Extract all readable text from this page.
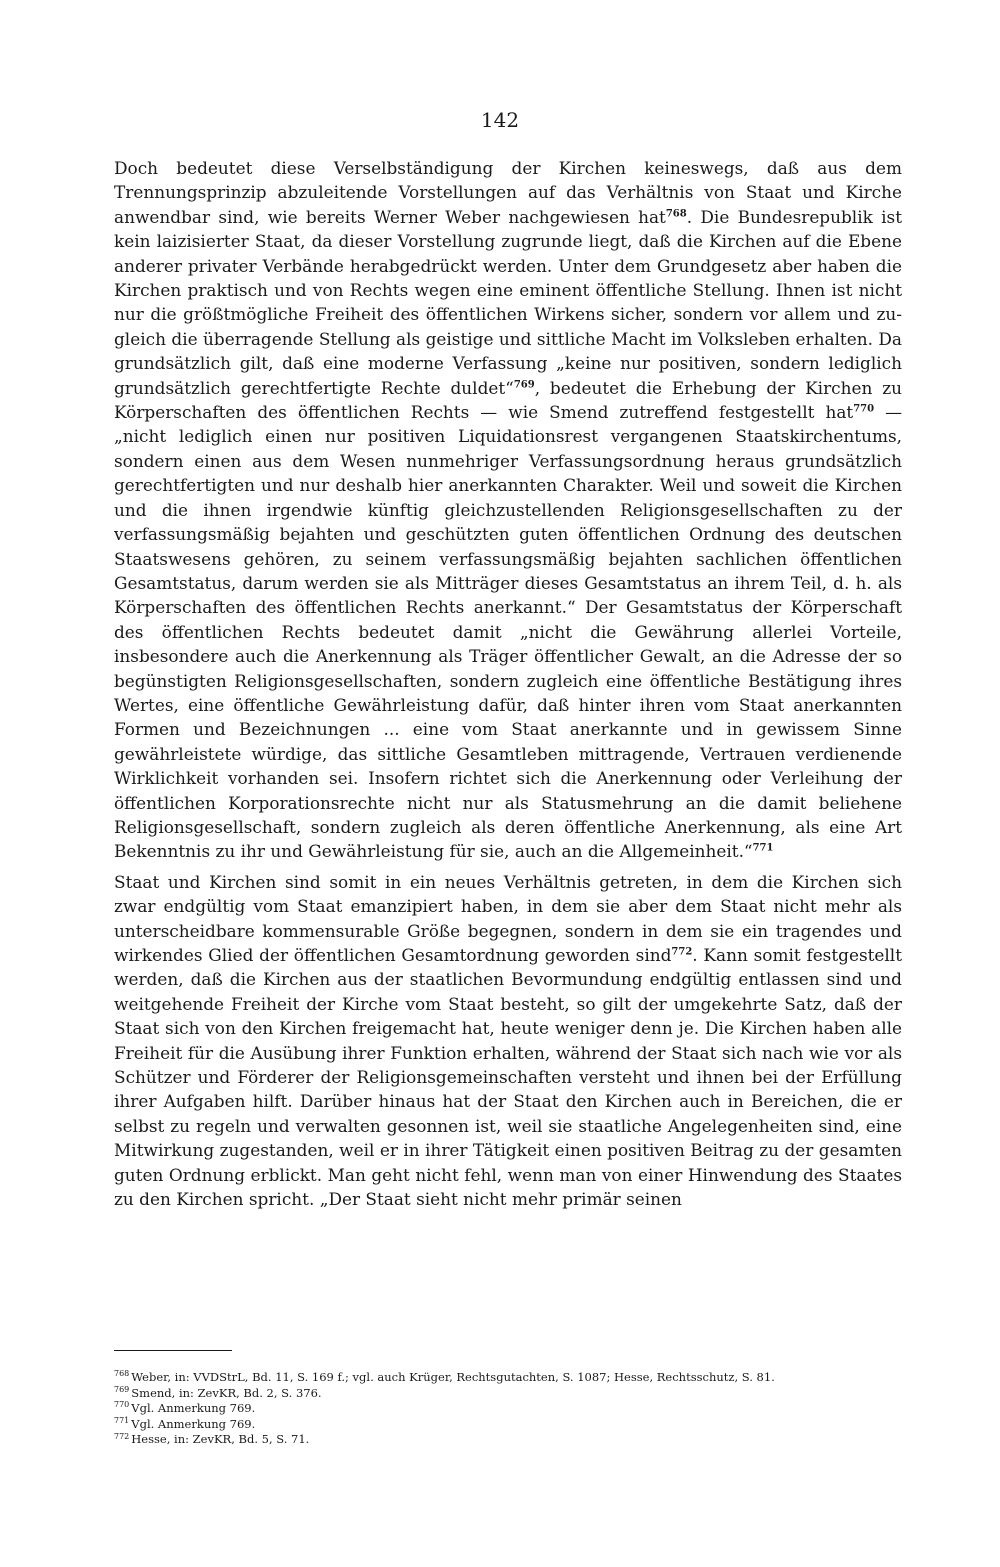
142

Doch bedeutet diese Verselbständigung der Kirchen keineswegs, daß aus dem Trennungsprinzip abzuleitende Vorstellungen auf das Verhältnis von Staat und Kirche anwendbar sind, wie bereits Werner Weber nachgewiesen hat$^{768}$. Die Bundesrepublik ist kein laizisierter Staat, da dieser Vorstellung zugrunde liegt, daß die Kirchen auf die Ebene anderer privater Verbände herabgedrückt werden. Unter dem Grundgesetz aber haben die Kirchen praktisch und von Rechts wegen eine eminent öffentliche Stellung. Ihnen ist nicht nur die größtmögliche Freiheit des öffentlichen Wirkens sicher, sondern vor allem und zugleich die überragende Stellung als geistige und sittliche Macht im Volksleben erhalten. Da grundsätzlich gilt, daß eine moderne Verfassung „keine nur positiven, sondern lediglich grundsätzlich gerechtfertigte Rechte duldet“$^{769}$, bedeutet die Erhebung der Kirchen zu Körperschaften des öffentlichen Rechts — wie Smend zutreffend festgestellt hat$^{770}$ — „nicht lediglich einen nur positiven Liquidationsrest vergangenen Staatskirchentums, sondern einen aus dem Wesen nunmehriger Verfassungsordnung heraus grundsätzlich gerechtfertigten und nur deshalb hier anerkannten Charakter. Weil und soweit die Kirchen und die ihnen irgendwie künftig gleichzustellenden Religionsgesellschaften zu der verfassungsmäßig bejahten und geschützten guten öffentlichen Ordnung des deutschen Staatswesens gehören, zu seinem verfassungsmäßig bejahten sachlichen öffentlichen Gesamtstatus, darum werden sie als Mitträger dieses Gesamtstatus an ihrem Teil, d. h. als Körperschaften des öffentlichen Rechts anerkannt.“ Der Gesamtstatus der Körperschaft des öffentlichen Rechts bedeutet damit „nicht die Gewährung allerlei Vorteile, insbesondere auch die Anerkennung als Träger öffentlicher Gewalt, an die Adresse der so begünstigten Religionsgesellschaften, sondern zugleich eine öffentliche Bestätigung ihres Wertes, eine öffentliche Gewährleistung dafür, daß hinter ihren vom Staat anerkannten Formen und Bezeichnungen ... eine vom Staat anerkannte und in gewissem Sinne gewährleistete würdige, das sittliche Gesamtleben mittragende, Vertrauen verdienende Wirklichkeit vorhanden sei. Insofern richtet sich die Anerkennung oder Verleihung der öffentlichen Korporationsrechte nicht nur als Statusmehrung an die damit beliehene Religionsgesellschaft, sondern zugleich als deren öffentliche Anerkennung, als eine Art Bekenntnis zu ihr und Gewährleistung für sie, auch an die Allgemeinheit.“$^{771}$

Staat und Kirchen sind somit in ein neues Verhältnis getreten, in dem die Kirchen sich zwar endgültig vom Staat emanzipiert haben, in dem sie aber dem Staat nicht mehr als unterscheidbare kommensurable Größe begegnen, sondern in dem sie ein tragendes und wirkendes Glied der öffentlichen Gesamtordnung geworden sind$^{772}$. Kann somit festgestellt werden, daß die Kirchen aus der staatlichen Bevormundung endgültig entlassen sind und weitgehende Freiheit der Kirche vom Staat besteht, so gilt der umgekehrte Satz, daß der Staat sich von den Kirchen freigemacht hat, heute weniger denn je. Die Kirchen haben alle Freiheit für die Ausübung ihrer Funktion erhalten, während der Staat sich nach wie vor als Schützer und Förderer der Religionsgemeinschaften versteht und ihnen bei der Erfüllung ihrer Aufgaben hilft. Darüber hinaus hat der Staat den Kirchen auch in Bereichen, die er selbst zu regeln und verwalten gesonnen ist, weil sie staatliche Angelegenheiten sind, eine Mitwirkung zugestanden, weil er in ihrer Tätigkeit einen positiven Beitrag zu der gesamten guten Ordnung erblickt. Man geht nicht fehl, wenn man von einer Hinwendung des Staates zu den Kirchen spricht. „Der Staat sieht nicht mehr primär seinen

$^{768}$ Weber, in: VVDStrL, Bd. 11, S. 169 f.; vgl. auch Krüger, Rechtsgutachten, S. 1087; Hesse, Rechtsschutz, S. 81.
$^{769}$ Smend, in: ZevKR, Bd. 2, S. 376.
$^{770}$ Vgl. Anmerkung 769.
$^{771}$ Vgl. Anmerkung 769.
$^{772}$ Hesse, in: ZevKR, Bd. 5, S. 71.
